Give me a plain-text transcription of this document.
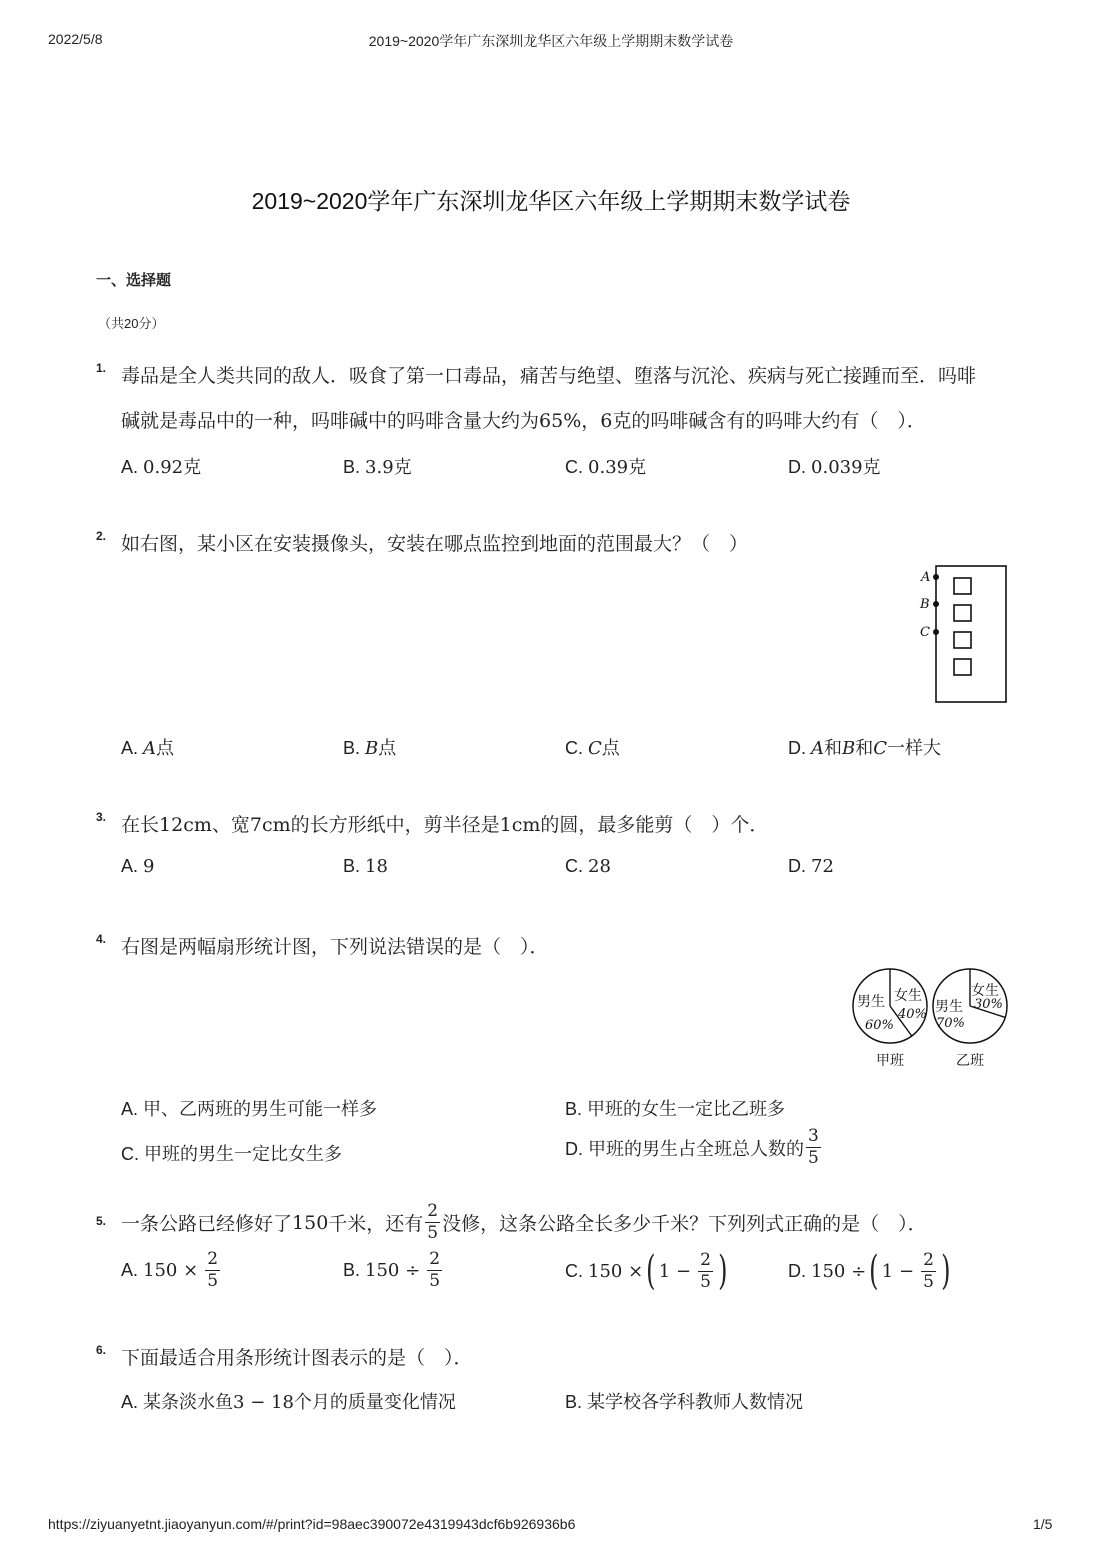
2022/5/8	2019~2020学年广东深圳龙华区六年级上学期期末数学试卷
2019~2020学年广东深圳龙华区六年级上学期期末数学试卷
一、选择题
（共20分）
1. 毒品是全人类共同的敌人．吸食了第一口毒品，痛苦与绝望、堕落与沉沦、疾病与死亡接踵而至．吗啡
碱就是毒品中的一种，吗啡碱中的吗啡含量大约为65%，6克的吗啡碱含有的吗啡大约有（　）．
A. 0.92克	B. 3.9克	C. 0.39克	D. 0.039克
2. 如右图，某小区在安装摄像头，安装在哪点监控到地面的范围最大？（　）
A
B
C
A. A点	B. B点	C. C点	D. A和B和C一样大
3. 在长12cm、宽7cm的长方形纸中，剪半径是1cm的圆，最多能剪（　）个．
A. 9	B. 18	C. 28	D. 72
4. 右图是两幅扇形统计图，下列说法错误的是（　）．
男生
60%
女生
40% 男生
70%
女生
30%
甲班	乙班
A. 甲、乙两班的男生可能一样多	B. 甲班的女生一定比乙班多
C. 甲班的男生一定比女生多	D. 甲班的男生占全班总人数的 $\frac{3}{5}$
5. 一条公路已经修好了 150 千米，还有 $\frac{2}{5}$ 没修，这条公路全长多少千米？下列列式正确的是（　）．
A.
150 ×
$\frac{2}{5}$	B.
150 ÷
$\frac{2}{5}$	C.
150 × ( 1 −
$\frac{2}{5}$ )	D.
150 ÷ ( 1 −
$\frac{2}{5}$ )
6. 下面最适合用条形统计图表示的是（　）．
A. 某条淡水鱼3 − 18个月的质量变化情况	B. 某学校各学科教师人数情况
https://ziyuanyetnt.jiaoyanyun.com/#/print?id=98aec390072e4319943dcf6b926936b6	1/5
